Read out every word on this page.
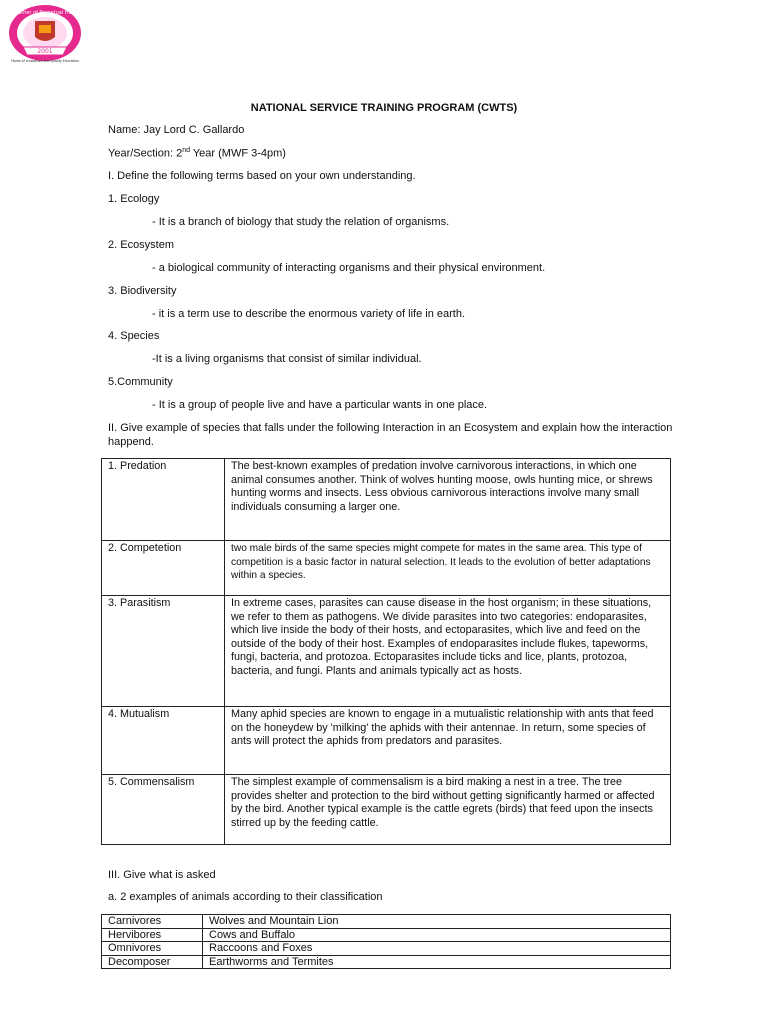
2001
Mother of Perpetual Help
Home of Innovative and Quality Education
NATIONAL SERVICE TRAINING PROGRAM (CWTS)
Name: Jay Lord C. Gallardo
Year/Section: 2nd Year (MWF 3-4pm)
I. Define the following terms based on your own understanding.
1. Ecology
- It is a branch of biology that study the relation of organisms.
2. Ecosystem
- a biological community of interacting organisms and their physical environment.
3. Biodiversity
- it is a term use to describe the enormous variety of life in earth.
4. Species
-It is a living organisms that consist of similar individual.
5.Community
- It is a group of people live and have a particular wants in one place.
II. Give example of species that falls under the following Interaction in an Ecosystem and explain how the interaction happend.
1. Predation	The best-known examples of predation involve carnivorous interactions, in which one animal consumes another. Think of wolves hunting moose, owls hunting mice, or shrews hunting worms and insects. Less obvious carnivorous interactions involve many small individuals consuming a larger one.
2. Competetion	two male birds of the same species might compete for mates in the same area. This type of competition is a basic factor in natural selection. It leads to the evolution of better adaptations within a species.
3. Parasitism	In extreme cases, parasites can cause disease in the host organism; in these situations, we refer to them as pathogens. We divide parasites into two categories: endoparasites, which live inside the body of their hosts, and ectoparasites, which live and feed on the outside of the body of their host. Examples of endoparasites include flukes, tapeworms, fungi, bacteria, and protozoa. Ectoparasites include ticks and lice, plants, protozoa, bacteria, and fungi. Plants and animals typically act as hosts.
4. Mutualism	Many aphid species are known to engage in a mutualistic relationship with ants that feed on the honeydew by 'milking' the aphids with their antennae. In return, some species of ants will protect the aphids from predators and parasites.
5. Commensalism	The simplest example of commensalism is a bird making a nest in a tree. The tree provides shelter and protection to the bird without getting significantly harmed or affected by the bird. Another typical example is the cattle egrets (birds) that feed upon the insects stirred up by the feeding cattle.
III. Give what is asked
a. 2 examples of animals according to their classification
Carnivores	Wolves and Mountain Lion
Hervibores	Cows and Buffalo
Omnivores	Raccoons and Foxes
Decomposer	Earthworms and Termites
